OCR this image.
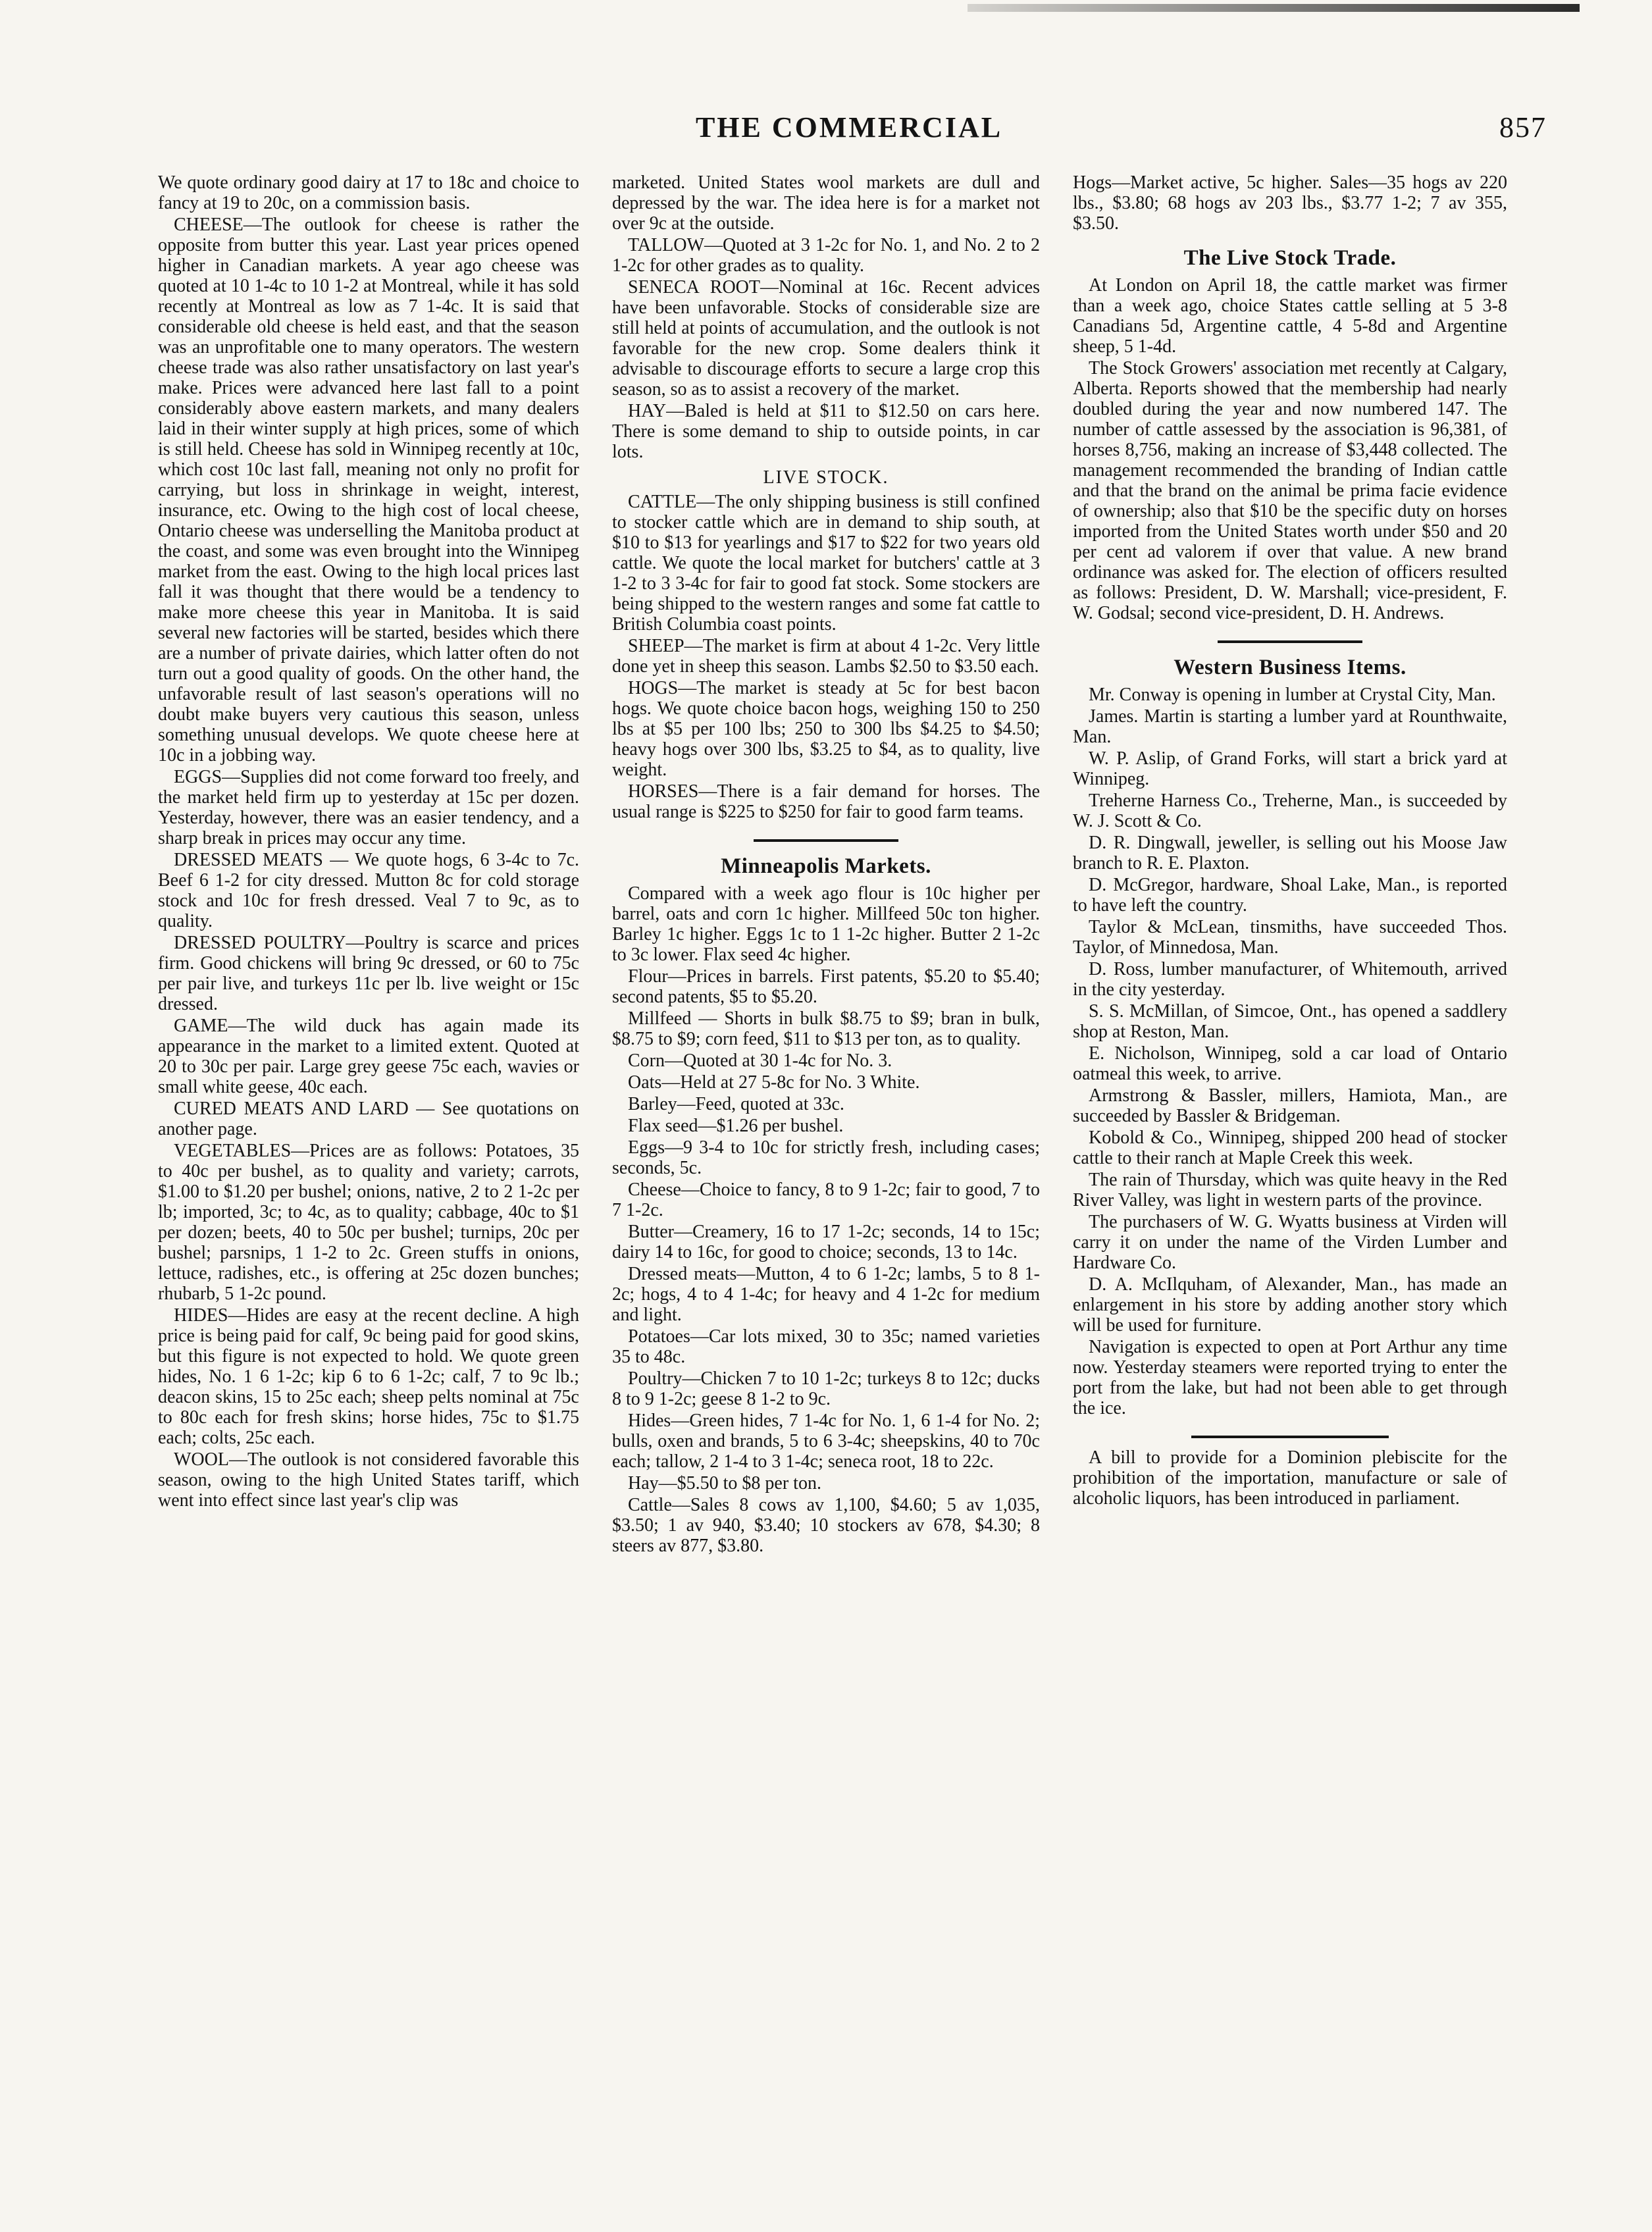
THE COMMERCIAL	857

We quote ordinary good dairy at 17 to 18c and choice to fancy at 19 to 20c, on a commission basis.

CHEESE—The outlook for cheese is rather the opposite from butter this year. Last year prices opened higher in Canadian markets. A year ago cheese was quoted at 10 1-4c to 10 1-2 at Montreal, while it has sold recently at Montreal as low as 7 1-4c. It is said that considerable old cheese is held east, and that the season was an unprofitable one to many operators. The western cheese trade was also rather unsatisfactory on last year's make. Prices were advanced here last fall to a point considerably above eastern markets, and many dealers laid in their winter supply at high prices, some of which is still held. Cheese has sold in Winnipeg recently at 10c, which cost 10c last fall, meaning not only no profit for carrying, but loss in shrinkage in weight, interest, insurance, etc. Owing to the high cost of local cheese, Ontario cheese was underselling the Manitoba product at the coast, and some was even brought into the Winnipeg market from the east. Owing to the high local prices last fall it was thought that there would be a tendency to make more cheese this year in Manitoba. It is said several new factories will be started, besides which there are a number of private dairies, which latter often do not turn out a good quality of goods. On the other hand, the unfavorable result of last season's operations will no doubt make buyers very cautious this season, unless something unusual develops. We quote cheese here at 10c in a jobbing way.

EGGS—Supplies did not come forward too freely, and the market held firm up to yesterday at 15c per dozen. Yesterday, however, there was an easier tendency, and a sharp break in prices may occur any time.

DRESSED MEATS — We quote hogs, 6 3-4c to 7c. Beef 6 1-2 for city dressed. Mutton 8c for cold storage stock and 10c for fresh dressed. Veal 7 to 9c, as to quality.

DRESSED POULTRY—Poultry is scarce and prices firm. Good chickens will bring 9c dressed, or 60 to 75c per pair live, and turkeys 11c per lb. live weight or 15c dressed.

GAME—The wild duck has again made its appearance in the market to a limited extent. Quoted at 20 to 30c per pair. Large grey geese 75c each, wavies or small white geese, 40c each.

CURED MEATS AND LARD — See quotations on another page.

VEGETABLES—Prices are as follows: Potatoes, 35 to 40c per bushel, as to quality and variety; carrots, $1.00 to $1.20 per bushel; onions, native, 2 to 2 1-2c per lb; imported, 3c; to 4c, as to quality; cabbage, 40c to $1 per dozen; beets, 40 to 50c per bushel; turnips, 20c per bushel; parsnips, 1 1-2 to 2c. Green stuffs in onions, lettuce, radishes, etc., is offering at 25c dozen bunches; rhubarb, 5 1-2c pound.

HIDES—Hides are easy at the recent decline. A high price is being paid for calf, 9c being paid for good skins, but this figure is not expected to hold. We quote green hides, No. 1 6 1-2c; kip 6 to 6 1-2c; calf, 7 to 9c lb.; deacon skins, 15 to 25c each; sheep pelts nominal at 75c to 80c each for fresh skins; horse hides, 75c to $1.75 each; colts, 25c each.

WOOL—The outlook is not considered favorable this season, owing to the high United States tariff, which went into effect since last year's clip was

marketed. United States wool markets are dull and depressed by the war. The idea here is for a market not over 9c at the outside.

TALLOW—Quoted at 3 1-2c for No. 1, and No. 2 to 2 1-2c for other grades as to quality.

SENECA ROOT—Nominal at 16c. Recent advices have been unfavorable. Stocks of considerable size are still held at points of accumulation, and the outlook is not favorable for the new crop. Some dealers think it advisable to discourage efforts to secure a large crop this season, so as to assist a recovery of the market.

HAY—Baled is held at $11 to $12.50 on cars here. There is some demand to ship to outside points, in car lots.

LIVE STOCK.

CATTLE—The only shipping business is still confined to stocker cattle which are in demand to ship south, at $10 to $13 for yearlings and $17 to $22 for two years old cattle. We quote the local market for butchers' cattle at 3 1-2 to 3 3-4c for fair to good fat stock. Some stockers are being shipped to the western ranges and some fat cattle to British Columbia coast points.

SHEEP—The market is firm at about 4 1-2c. Very little done yet in sheep this season. Lambs $2.50 to $3.50 each.

HOGS—The market is steady at 5c for best bacon hogs. We quote choice bacon hogs, weighing 150 to 250 lbs at $5 per 100 lbs; 250 to 300 lbs $4.25 to $4.50; heavy hogs over 300 lbs, $3.25 to $4, as to quality, live weight.

HORSES—There is a fair demand for horses. The usual range is $225 to $250 for fair to good farm teams.

Minneapolis Markets.

Compared with a week ago flour is 10c higher per barrel, oats and corn 1c higher. Millfeed 50c ton higher. Barley 1c higher. Eggs 1c to 1 1-2c higher. Butter 2 1-2c to 3c lower. Flax seed 4c higher.

Flour—Prices in barrels. First patents, $5.20 to $5.40; second patents, $5 to $5.20.

Millfeed — Shorts in bulk $8.75 to $9; bran in bulk, $8.75 to $9; corn feed, $11 to $13 per ton, as to quality.

Corn—Quoted at 30 1-4c for No. 3.

Oats—Held at 27 5-8c for No. 3 White.

Barley—Feed, quoted at 33c.

Flax seed—$1.26 per bushel.

Eggs—9 3-4 to 10c for strictly fresh, including cases; seconds, 5c.

Cheese—Choice to fancy, 8 to 9 1-2c; fair to good, 7 to 7 1-2c.

Butter—Creamery, 16 to 17 1-2c; seconds, 14 to 15c; dairy 14 to 16c, for good to choice; seconds, 13 to 14c.

Dressed meats—Mutton, 4 to 6 1-2c; lambs, 5 to 8 1-2c; hogs, 4 to 4 1-4c; for heavy and 4 1-2c for medium and light.

Potatoes—Car lots mixed, 30 to 35c; named varieties 35 to 48c.

Poultry—Chicken 7 to 10 1-2c; turkeys 8 to 12c; ducks 8 to 9 1-2c; geese 8 1-2 to 9c.

Hides—Green hides, 7 1-4c for No. 1, 6 1-4 for No. 2; bulls, oxen and brands, 5 to 6 3-4c; sheepskins, 40 to 70c each; tallow, 2 1-4 to 3 1-4c; seneca root, 18 to 22c.

Hay—$5.50 to $8 per ton.

Cattle—Sales 8 cows av 1,100, $4.60; 5 av 1,035, $3.50; 1 av 940, $3.40; 10 stockers av 678, $4.30; 8 steers av 877, $3.80.

Hogs—Market active, 5c higher. Sales—35 hogs av 220 lbs., $3.80; 68 hogs av 203 lbs., $3.77 1-2; 7 av 355, $3.50.

The Live Stock Trade.

At London on April 18, the cattle market was firmer than a week ago, choice States cattle selling at 5 3-8 Canadians 5d, Argentine cattle, 4 5-8d and Argentine sheep, 5 1-4d.

The Stock Growers' association met recently at Calgary, Alberta. Reports showed that the membership had nearly doubled during the year and now numbered 147. The number of cattle assessed by the association is 96,381, of horses 8,756, making an increase of $3,448 collected. The management recommended the branding of Indian cattle and that the brand on the animal be prima facie evidence of ownership; also that $10 be the specific duty on horses imported from the United States worth under $50 and 20 per cent ad valorem if over that value. A new brand ordinance was asked for. The election of officers resulted as follows: President, D. W. Marshall; vice-president, F. W. Godsal; second vice-president, D. H. Andrews.

Western Business Items.

Mr. Conway is opening in lumber at Crystal City, Man.

James. Martin is starting a lumber yard at Rounthwaite, Man.

W. P. Aslip, of Grand Forks, will start a brick yard at Winnipeg.

Treherne Harness Co., Treherne, Man., is succeeded by W. J. Scott & Co.

D. R. Dingwall, jeweller, is selling out his Moose Jaw branch to R. E. Plaxton.

D. McGregor, hardware, Shoal Lake, Man., is reported to have left the country.

Taylor & McLean, tinsmiths, have succeeded Thos. Taylor, of Minnedosa, Man.

D. Ross, lumber manufacturer, of Whitemouth, arrived in the city yesterday.

S. S. McMillan, of Simcoe, Ont., has opened a saddlery shop at Reston, Man.

E. Nicholson, Winnipeg, sold a car load of Ontario oatmeal this week, to arrive.

Armstrong & Bassler, millers, Hamiota, Man., are succeeded by Bassler & Bridgeman.

Kobold & Co., Winnipeg, shipped 200 head of stocker cattle to their ranch at Maple Creek this week.

The rain of Thursday, which was quite heavy in the Red River Valley, was light in western parts of the province.

The purchasers of W. G. Wyatts business at Virden will carry it on under the name of the Virden Lumber and Hardware Co.

D. A. McIlquham, of Alexander, Man., has made an enlargement in his store by adding another story which will be used for furniture.

Navigation is expected to open at Port Arthur any time now. Yesterday steamers were reported trying to enter the port from the lake, but had not been able to get through the ice.

A bill to provide for a Dominion plebiscite for the prohibition of the importation, manufacture or sale of alcoholic liquors, has been introduced in parliament.
